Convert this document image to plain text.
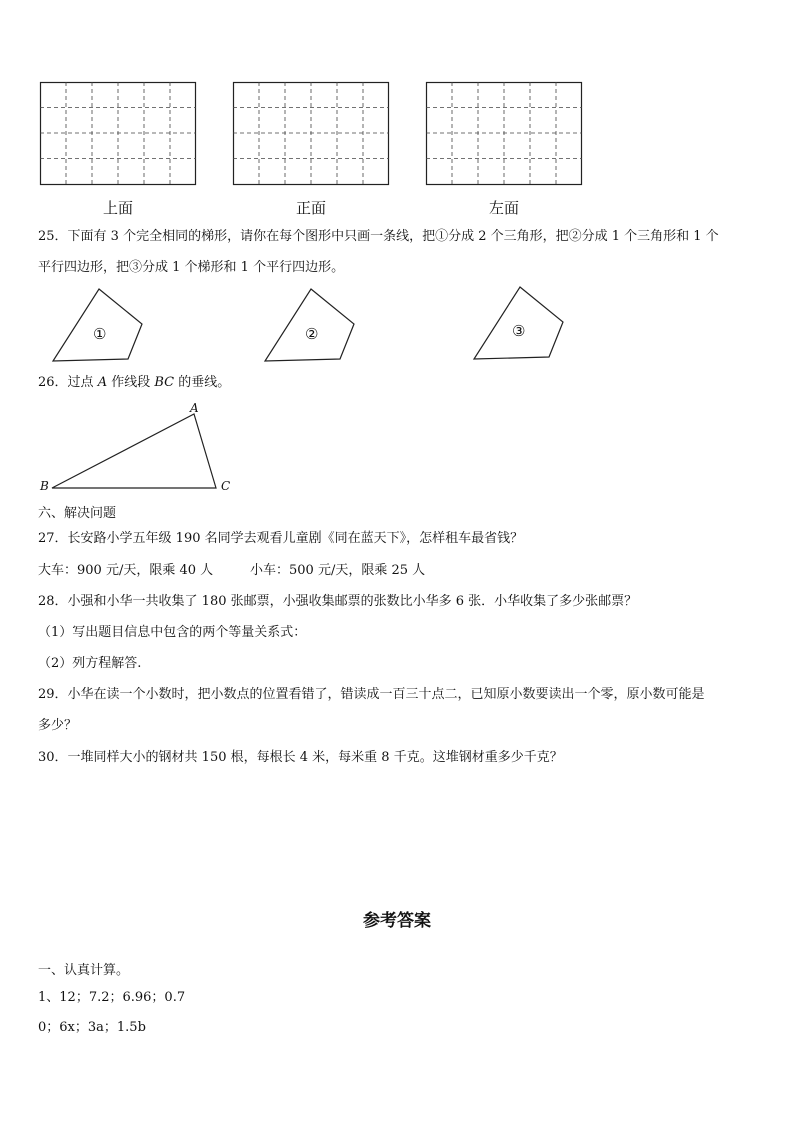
上面	正面	左面
25．下面有 3 个完全相同的梯形，请你在每个图形中只画一条线，把①分成 2 个三角形，把②分成 1 个三角形和 1 个
平行四边形，把③分成 1 个梯形和 1 个平行四边形。
①	②	③
26．过点 A 作线段 BC 的垂线。
A
B	C
六、解决问题
27．长安路小学五年级 190 名同学去观看儿童剧《同在蓝天下》，怎样租车最省钱？
大车：900 元/天，限乘 40 人	小车：500 元/天，限乘 25 人
28．小强和小华一共收集了 180 张邮票，小强收集邮票的张数比小华多 6 张．小华收集了多少张邮票？
（1）写出题目信息中包含的两个等量关系式：
（2）列方程解答.
29．小华在读一个小数时，把小数点的位置看错了，错读成一百三十点二，已知原小数要读出一个零，原小数可能是
多少？
30．一堆同样大小的钢材共 150 根，每根长 4 米，每米重 8 千克。这堆钢材重多少千克？
参考答案
一、认真计算。
1、12；7.2；6.96；0.7
0；6x；3a；1.5b
